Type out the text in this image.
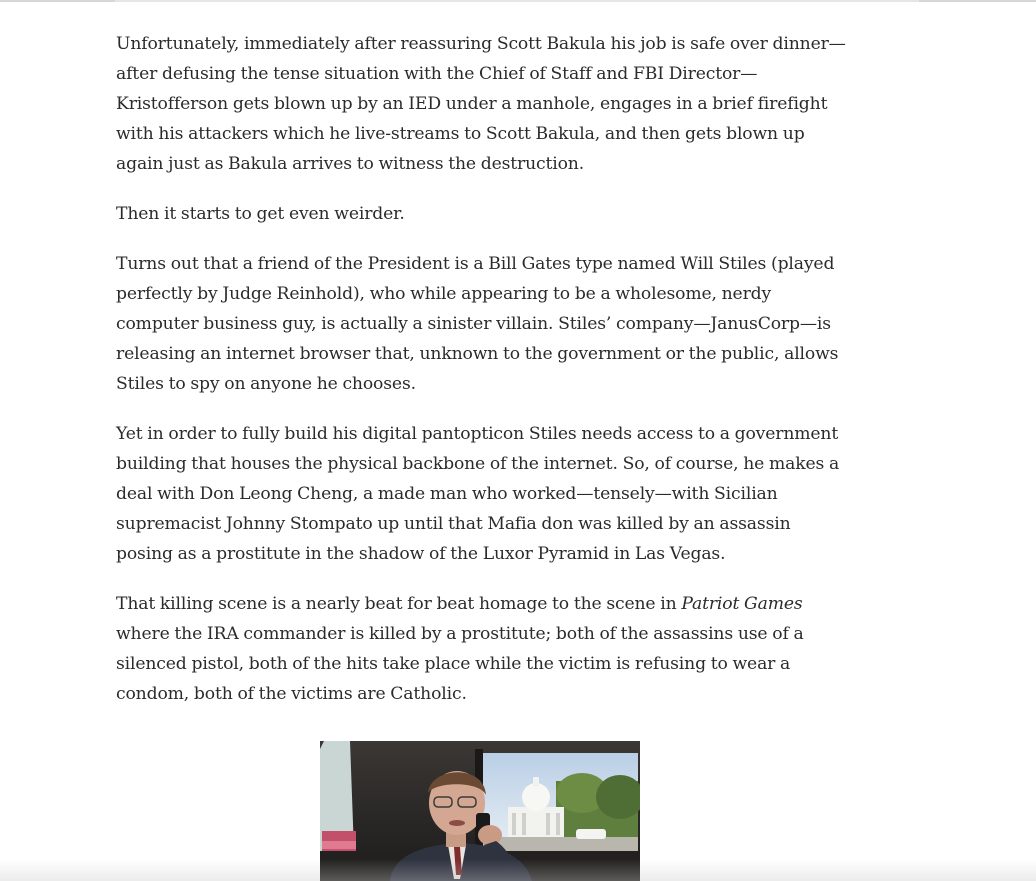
Unfortunately, immediately after reassuring Scott Bakula his job is safe over dinner—after defusing the tense situation with the Chief of Staff and FBI Director—Kristofferson gets blown up by an IED under a manhole, engages in a brief firefight with his attackers which he live-streams to Scott Bakula, and then gets blown up again just as Bakula arrives to witness the destruction.

Then it starts to get even weirder.

Turns out that a friend of the President is a Bill Gates type named Will Stiles (played perfectly by Judge Reinhold), who while appearing to be a wholesome, nerdy computer business guy, is actually a sinister villain. Stiles’ company—JanusCorp—is releasing an internet browser that, unknown to the government or the public, allows Stiles to spy on anyone he chooses.

Yet in order to fully build his digital pantopticon Stiles needs access to a government building that houses the physical backbone of the internet. So, of course, he makes a deal with Don Leong Cheng, a made man who worked—tensely—with Sicilian supremacist Johnny Stompato up until that Mafia don was killed by an assassin posing as a prostitute in the shadow of the Luxor Pyramid in Las Vegas.

That killing scene is a nearly beat for beat homage to the scene in Patriot Games where the IRA commander is killed by a prostitute; both of the assassins use of a silenced pistol, both of the hits take place while the victim is refusing to wear a condom, both of the victims are Catholic.
